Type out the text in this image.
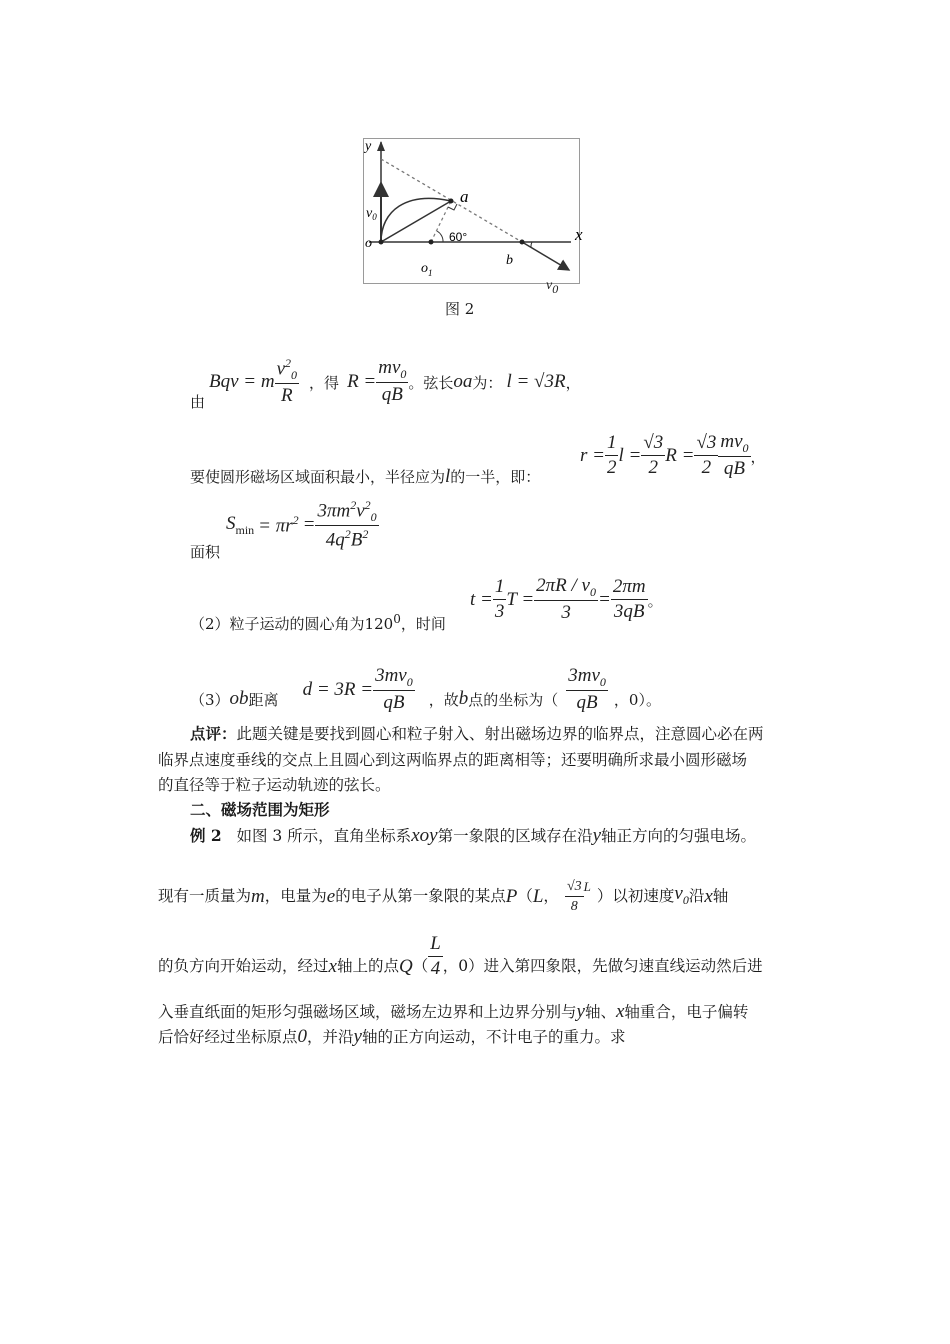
y
x
$v_0$
a
o	60°
$o_1$
b
$v_0$
图 2
由
Bqv = m $\frac{v^2_0}{R}$ ，得 $R = \frac{mv_0}{qB}$ 。弦长 oa 为： l = √3R ，
要使圆形磁场区域面积最小，半径应为l的一半，即：
$r = \frac{1}{2}$ $l = \frac{√3}{2}$ $R = \frac{√3}{2} \frac{mv_0}{qB}$ ，
面积
$S_{min} = \pi r^2 = \frac{3\pi m^2v^2_0}{4q^2B^2}$
（2）粒子运动的圆心角为$120^0$，时间
$t = \frac{1}{3}$ $T = \frac{2\pi R / v_0}{3} = \frac{2\pi m}{3qB}$ 。
（3） ob 距离 $d = 3R = \frac{3mv_0}{qB}$ ，故 b 点的坐标为（ $\frac{3mv_0}{qB}$ ，0）。
点评：此题关键是要找到圆心和粒子射入、射出磁场边界的临界点，注意圆心必在两
临界点速度垂线的交点上且圆心到这两临界点的距离相等；还要明确所求最小圆形磁场
的直径等于粒子运动轨迹的弦长。
二、磁场范围为矩形
例 2 如图 3 所示，直角坐标系xoy第一象限的区域存在沿y轴正方向的匀强电场。
现有一质量为 m ，电量为 e 的电子从第一象限的某点 P （ L ， $\frac{√3}{8}$ L
）以初速度 $v_0$ 沿 x 轴
的负方向开始运动，经过 x 轴上的点 Q （ $\frac{L}{4}$ ，0）进入第四象限，先做匀速直线运动然后进
入垂直纸面的矩形匀强磁场区域，磁场左边界和上边界分别与y轴、x轴重合，电子偏转
后恰好经过坐标原点0，并沿y轴的正方向运动，不计电子的重力。求
